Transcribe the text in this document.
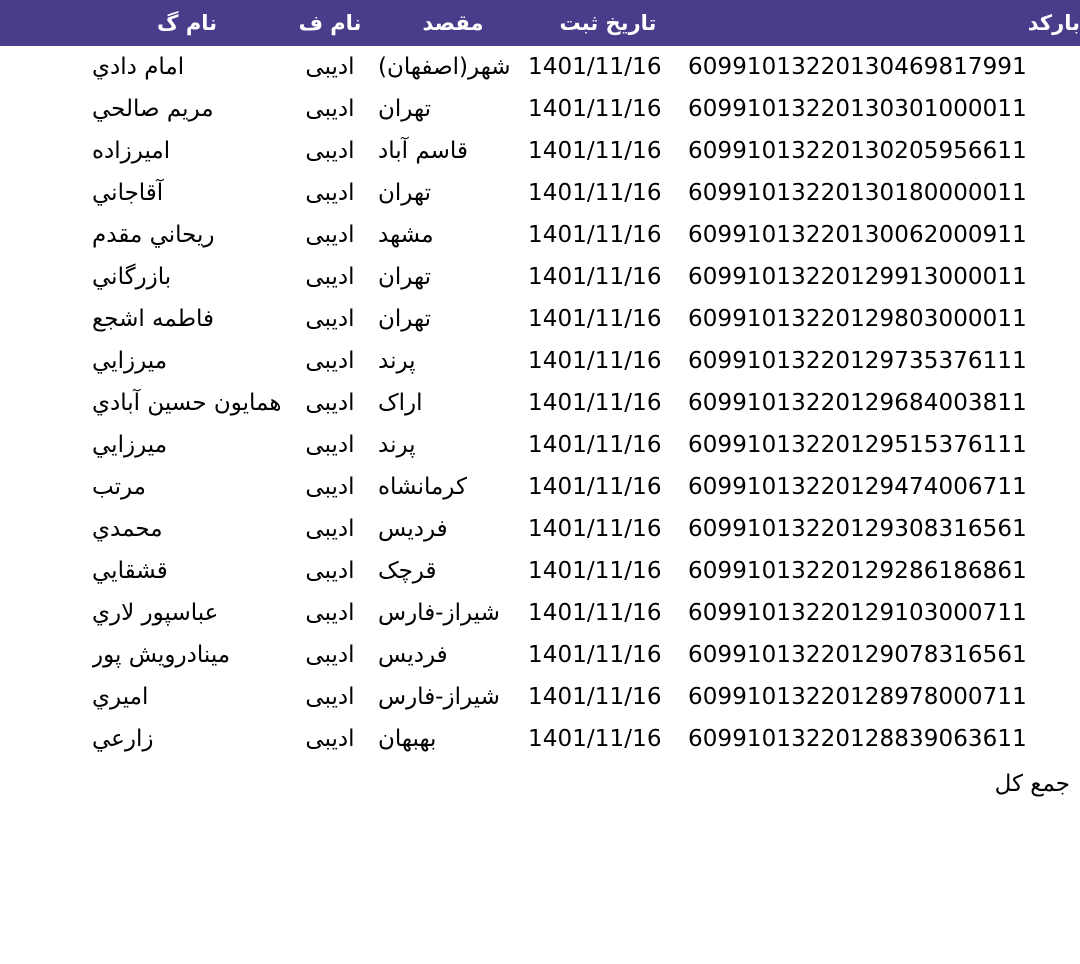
بارکد	تاریخ ثبت	مقصد	نام ف	نام گ	
60991013220130469817991	1401/11/16	شهر(اصفهان)	ادیبی	امام دادي	
60991013220130301000011	1401/11/16	تهران	ادیبی	مریم صالحي	
60991013220130205956611	1401/11/16	قاسم آباد	ادیبی	امیرزاده	
60991013220130180000011	1401/11/16	تهران	ادیبی	آقاجاني	
60991013220130062000911	1401/11/16	مشهد	ادیبی	ریحاني مقدم	
60991013220129913000011	1401/11/16	تهران	ادیبی	بازرگاني	
60991013220129803000011	1401/11/16	تهران	ادیبی	فاطمه اشجع	
60991013220129735376111	1401/11/16	پرند	ادیبی	میرزایي	
60991013220129684003811	1401/11/16	اراک	ادیبی	همایون حسین آبادي	
60991013220129515376111	1401/11/16	پرند	ادیبی	میرزایي	
60991013220129474006711	1401/11/16	کرمانشاه	ادیبی	مرتب	
60991013220129308316561	1401/11/16	فردیس	ادیبی	محمدي	
60991013220129286186861	1401/11/16	قرچک	ادیبی	قشقایي	
60991013220129103000711	1401/11/16	شیراز-فارس	ادیبی	عباسپور لاري	
60991013220129078316561	1401/11/16	فردیس	ادیبی	مینادرویش پور	
60991013220128978000711	1401/11/16	شیراز-فارس	ادیبی	امیري	
60991013220128839063611	1401/11/16	بهبهان	ادیبی	زارعي	
جمع کل	
